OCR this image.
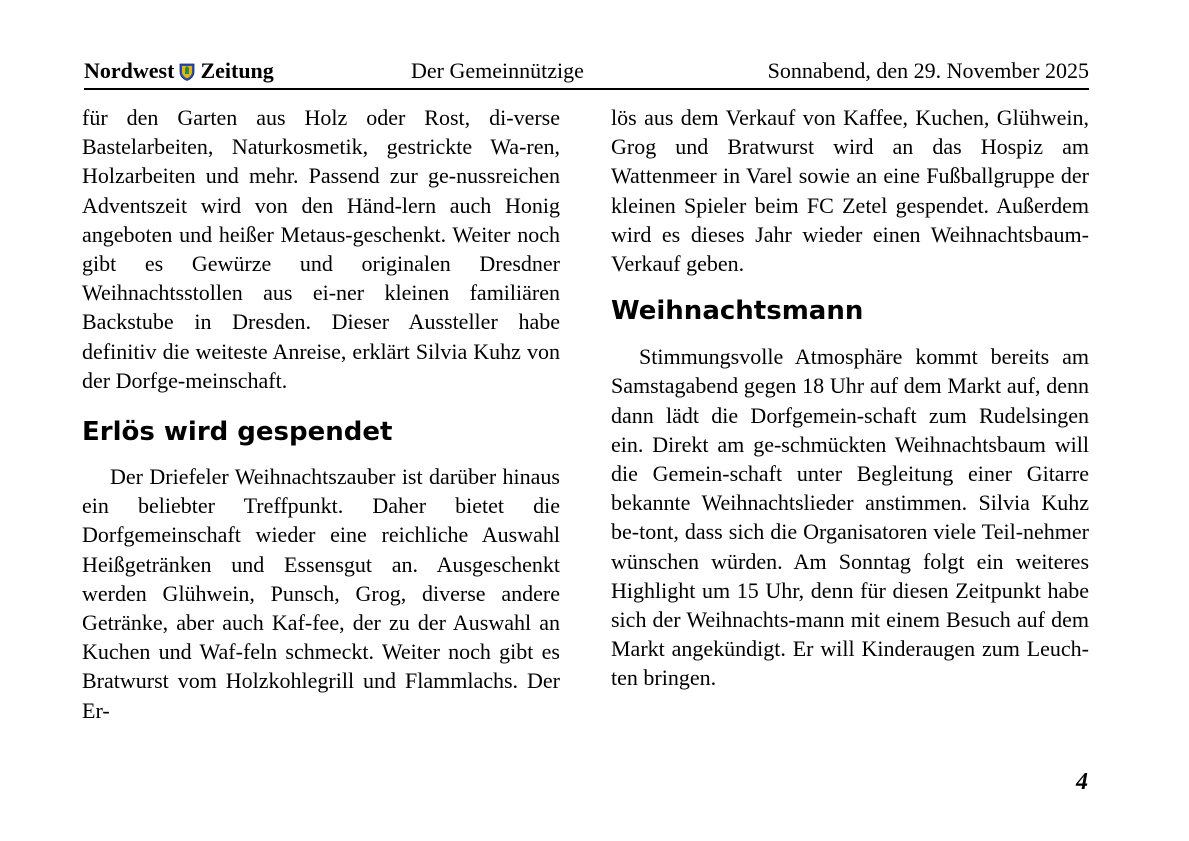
Nordwest Zeitung	Der Gemeinnützige	Sonnabend, den 29. November 2025

für den Garten aus Holz oder Rost, di-verse Bastelarbeiten, Naturkosmetik, gestrickte Wa-ren, Holzarbeiten und mehr. Passend zur ge-nussreichen Adventszeit wird von den Händ-lern auch Honig angeboten und heißer Metaus-geschenkt. Weiter noch gibt es Gewürze und originalen Dresdner Weihnachtsstollen aus ei-ner kleinen familiären Backstube in Dresden. Dieser Aussteller habe definitiv die weiteste Anreise, erklärt Silvia Kuhz von der Dorfge-meinschaft.

Erlös wird gespendet

Der Driefeler Weihnachtszauber ist darüber hinaus ein beliebter Treffpunkt. Daher bietet die Dorfgemeinschaft wieder eine reichliche Auswahl Heißgetränken und Essensgut an. Ausgeschenkt werden Glühwein, Punsch, Grog, diverse andere Getränke, aber auch Kaf-fee, der zu der Auswahl an Kuchen und Waf-feln schmeckt. Weiter noch gibt es Bratwurst vom Holzkohlegrill und Flammlachs. Der Er-

lös aus dem Verkauf von Kaffee, Kuchen, Glühwein, Grog und Bratwurst wird an das Hospiz am Wattenmeer in Varel sowie an eine Fußballgruppe der kleinen Spieler beim FC Zetel gespendet. Außerdem wird es dieses Jahr wieder einen Weihnachtsbaum-Verkauf geben.

Weihnachtsmann

Stimmungsvolle Atmosphäre kommt bereits am Samstagabend gegen 18 Uhr auf dem Markt auf, denn dann lädt die Dorfgemein-schaft zum Rudelsingen ein. Direkt am ge-schmückten Weihnachtsbaum will die Gemein-schaft unter Begleitung einer Gitarre bekannte Weihnachtslieder anstimmen. Silvia Kuhz be-tont, dass sich die Organisatoren viele Teil-nehmer wünschen würden. Am Sonntag folgt ein weiteres Highlight um 15 Uhr, denn für diesen Zeitpunkt habe sich der Weihnachts-mann mit einem Besuch auf dem Markt angekündigt. Er will Kinderaugen zum Leuch-ten bringen.

4
